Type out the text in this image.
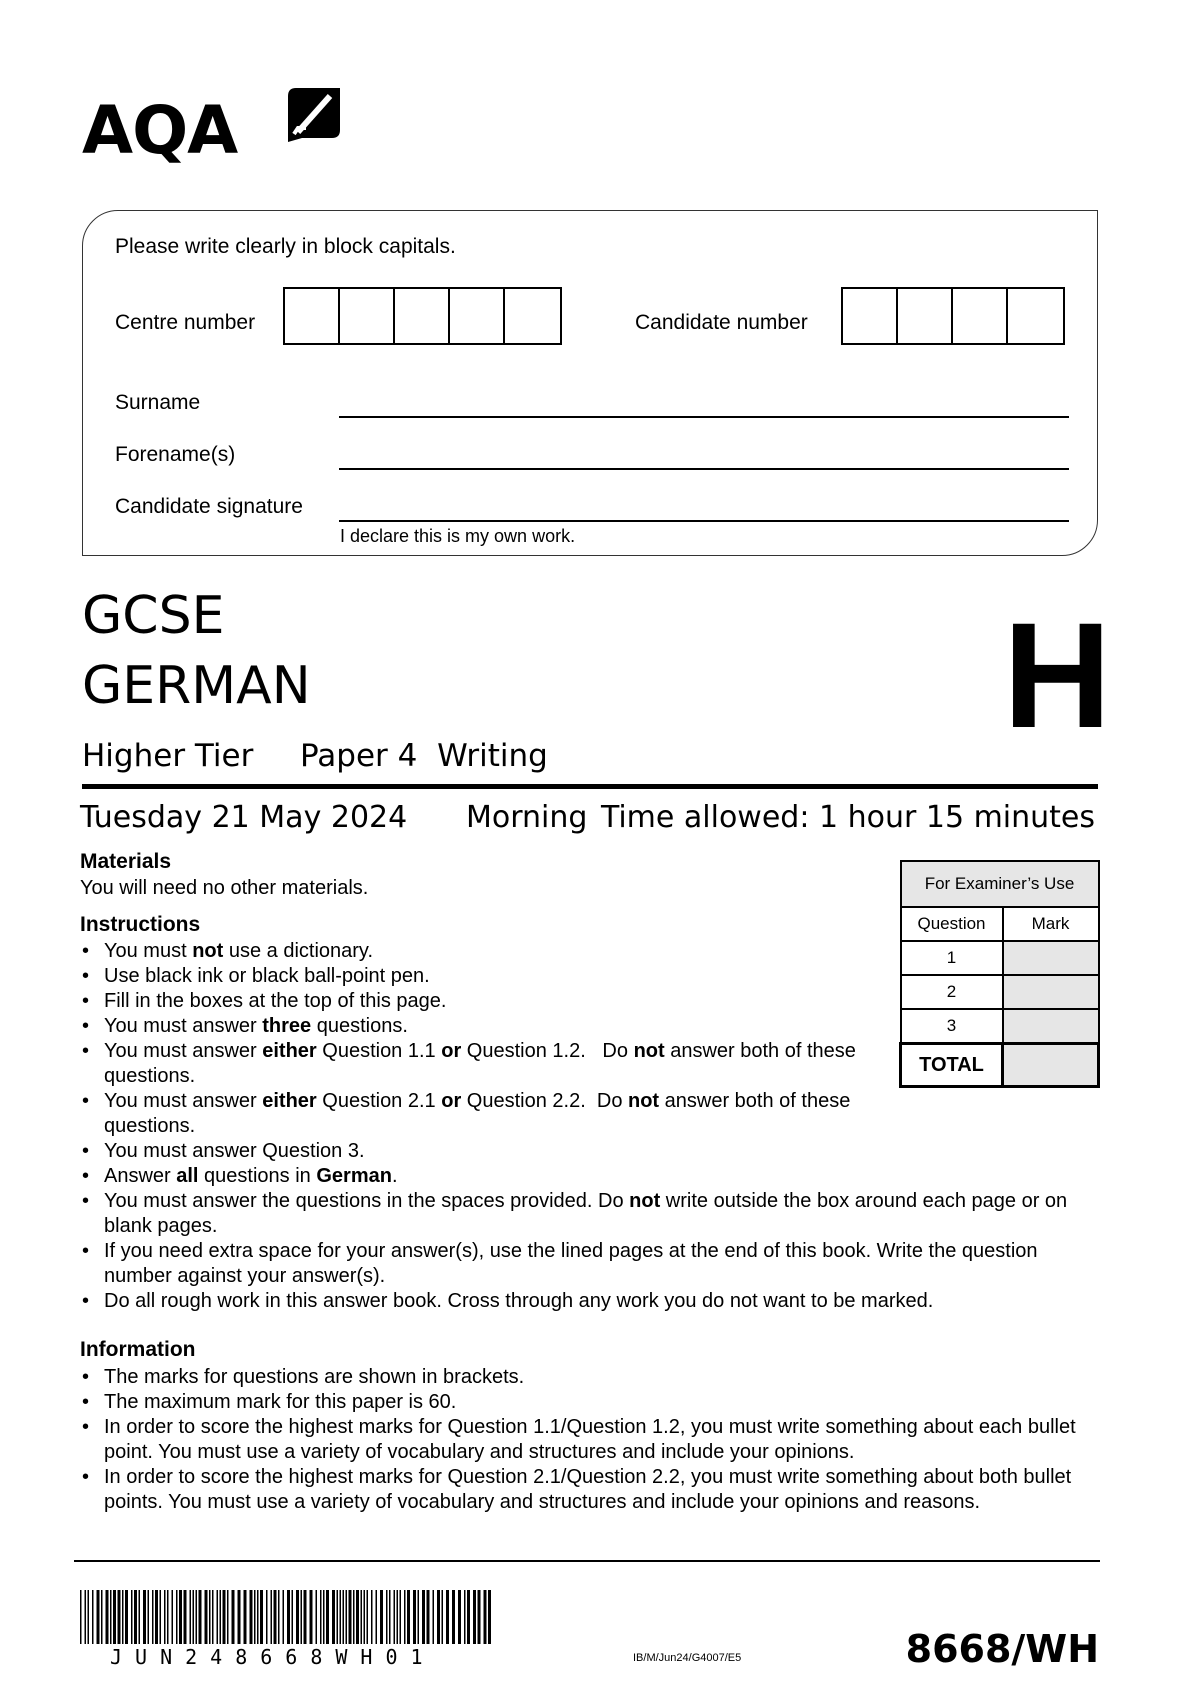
AQA
Please write clearly in block capitals.
Centre number	Candidate number
Surname
Forename(s)
Candidate signature
I declare this is my own work.
GCSE
GERMAN	H
Higher Tier Paper 4  Writing
Tuesday 21 May 2024 Morning Time allowed: 1 hour 15 minutes
Materials
You will need no other materials.
Instructions
• You must not use a dictionary.
• Use black ink or black ball-point pen.
• Fill in the boxes at the top of this page.
• You must answer three questions.
• You must answer either Question 1.1 or Question 1.2.   Do not answer both of these questions.
• You must answer either Question 2.1 or Question 2.2.  Do not answer both of these questions.
• You must answer Question 3.
• Answer all questions in German.
• You must answer the questions in the spaces provided. Do not write outside the box around each page or on blank pages.
• If you need extra space for your answer(s), use the lined pages at the end of this book. Write the question number against your answer(s).
• Do all rough work in this answer book. Cross through any work you do not want to be marked.
Information
• The marks for questions are shown in brackets.
• The maximum mark for this paper is 60.
• In order to score the highest marks for Question 1.1/Question 1.2, you must write something about each bullet point. You must use a variety of vocabulary and structures and include your opinions.
• In order to score the highest marks for Question 2.1/Question 2.2, you must write something about both bullet points. You must use a variety of vocabulary and structures and include your opinions and reasons.
For Examiner’s Use	
Question	Mark
1	
2	
3	
TOTAL	
JUN248668WH01	IB/M/Jun24/G4007/E5	8668/WH
